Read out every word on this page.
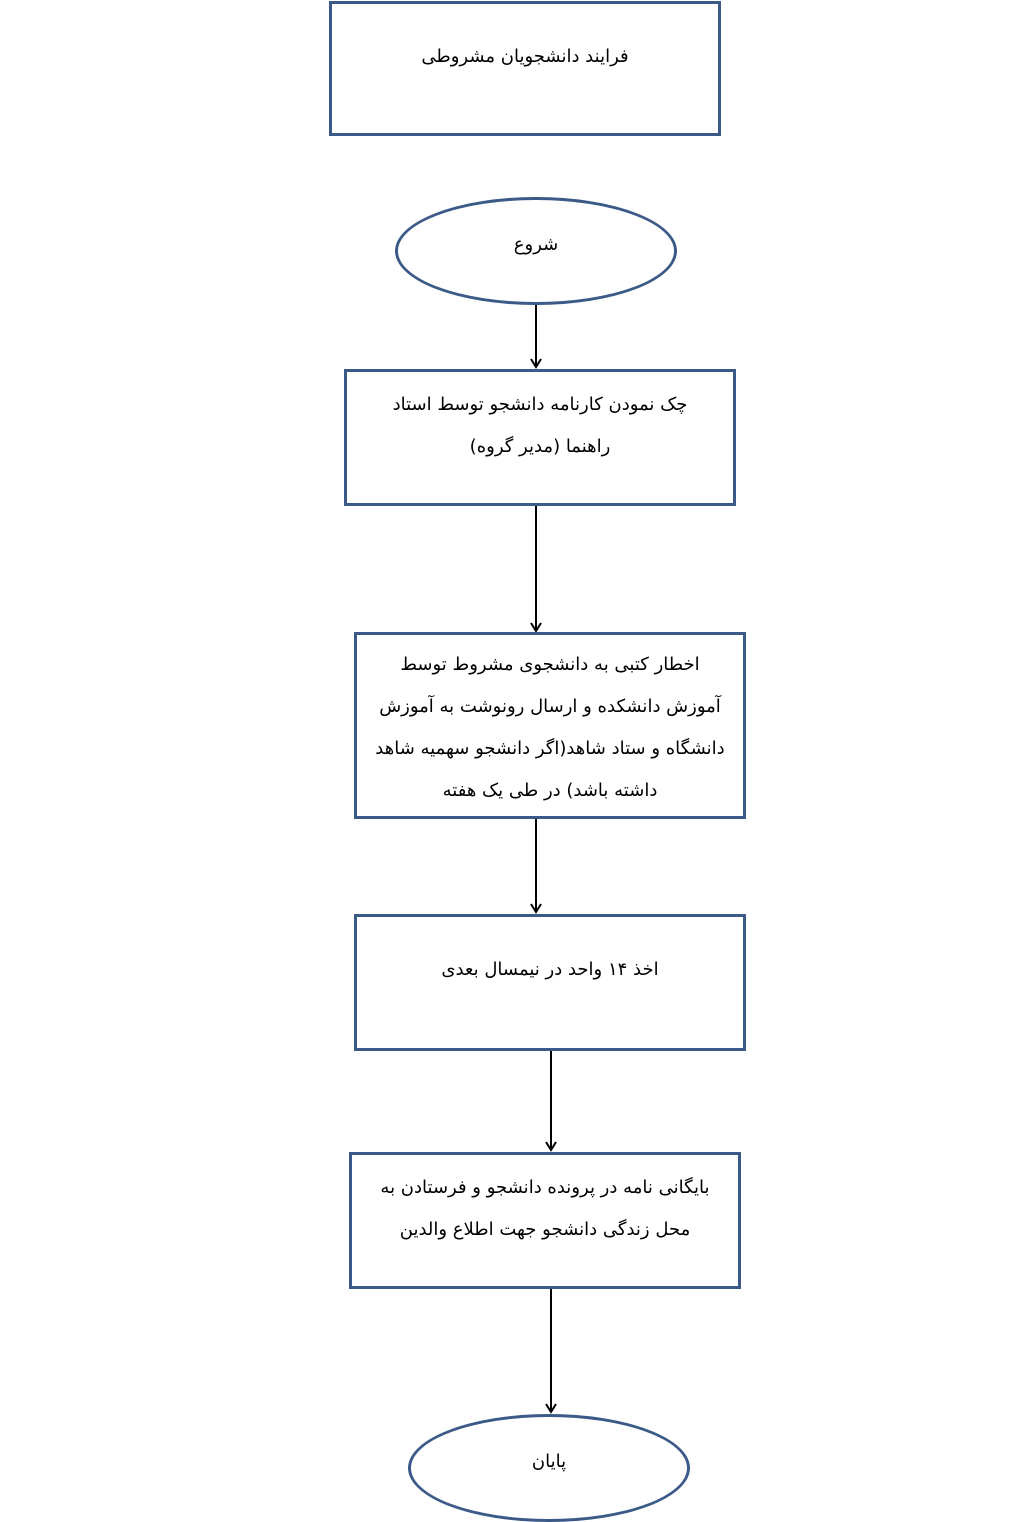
فرایند دانشجویان مشروطی
شروع
چک نمودن کارنامه دانشجو توسط استاد
راهنما (مدیر گروه)
اخطار کتبی به دانشجوی مشروط توسط
آموزش دانشکده و ارسال رونوشت به آموزش
دانشگاه و ستاد شاهد(اگر دانشجو سهمیه شاهد
داشته باشد) در طی یک هفته
اخذ ۱۴ واحد در نیمسال بعدی
بایگانی نامه در پرونده دانشجو و فرستادن به
محل زندگی دانشجو جهت اطلاع والدین
پایان
